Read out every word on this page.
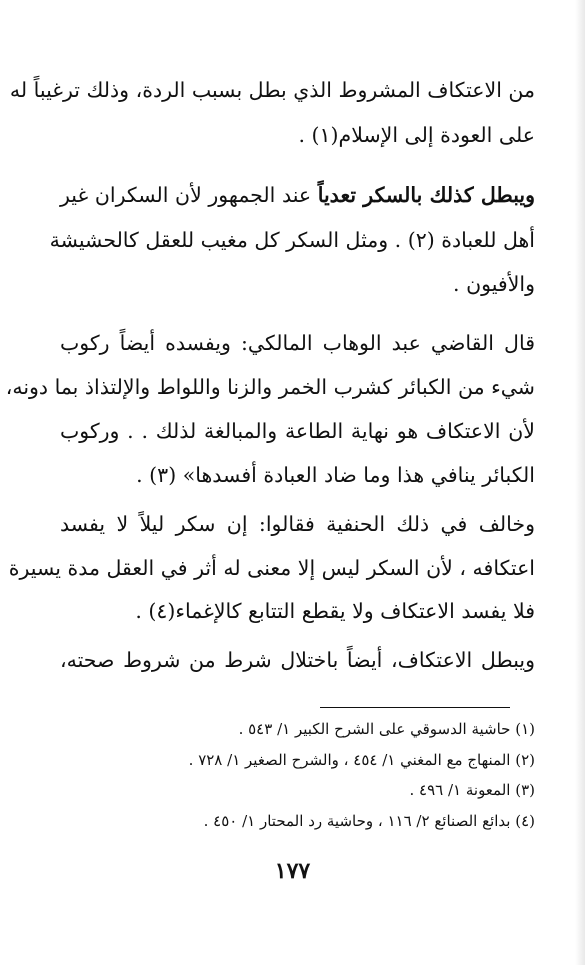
من الاعتكاف المشروط الذي بطل بسبب الردة، وذلك ترغيباً له
على العودة إلى الإسلام(١) .
ويبطل كذلك بالسكر تعدياً عند الجمهور لأن السكران غير
أهل للعبادة (٢) . ومثل السكر كل مغيب للعقل كالحشيشة
والأفيون .
قال القاضي عبد الوهاب المالكي: ويفسده أيضاً ركوب
شيء من الكبائر كشرب الخمر والزنا واللواط والإلتذاذ بما دونه،
لأن الاعتكاف هو نهاية الطاعة والمبالغة لذلك . . وركوب
الكبائر ينافي هذا وما ضاد العبادة أفسدها» (٣) .
وخالف في ذلك الحنفية فقالوا: إن سكر ليلاً لا يفسد
اعتكافه ، لأن السكر ليس إلا معنى له أثر في العقل مدة يسيرة
فلا يفسد الاعتكاف ولا يقطع التتابع كالإغماء(٤) .
ويبطل الاعتكاف، أيضاً باختلال شرط من شروط صحته،
(١) حاشية الدسوقي على الشرح الكبير ١/ ٥٤٣ .
(٢) المنهاج مع المغني ١/ ٤٥٤ ، والشرح الصغير ١/ ٧٢٨ .
(٣) المعونة ١/ ٤٩٦ .
(٤) بدائع الصنائع ٢/ ١١٦ ، وحاشية رد المحتار ١/ ٤٥٠ .
١٧٧
